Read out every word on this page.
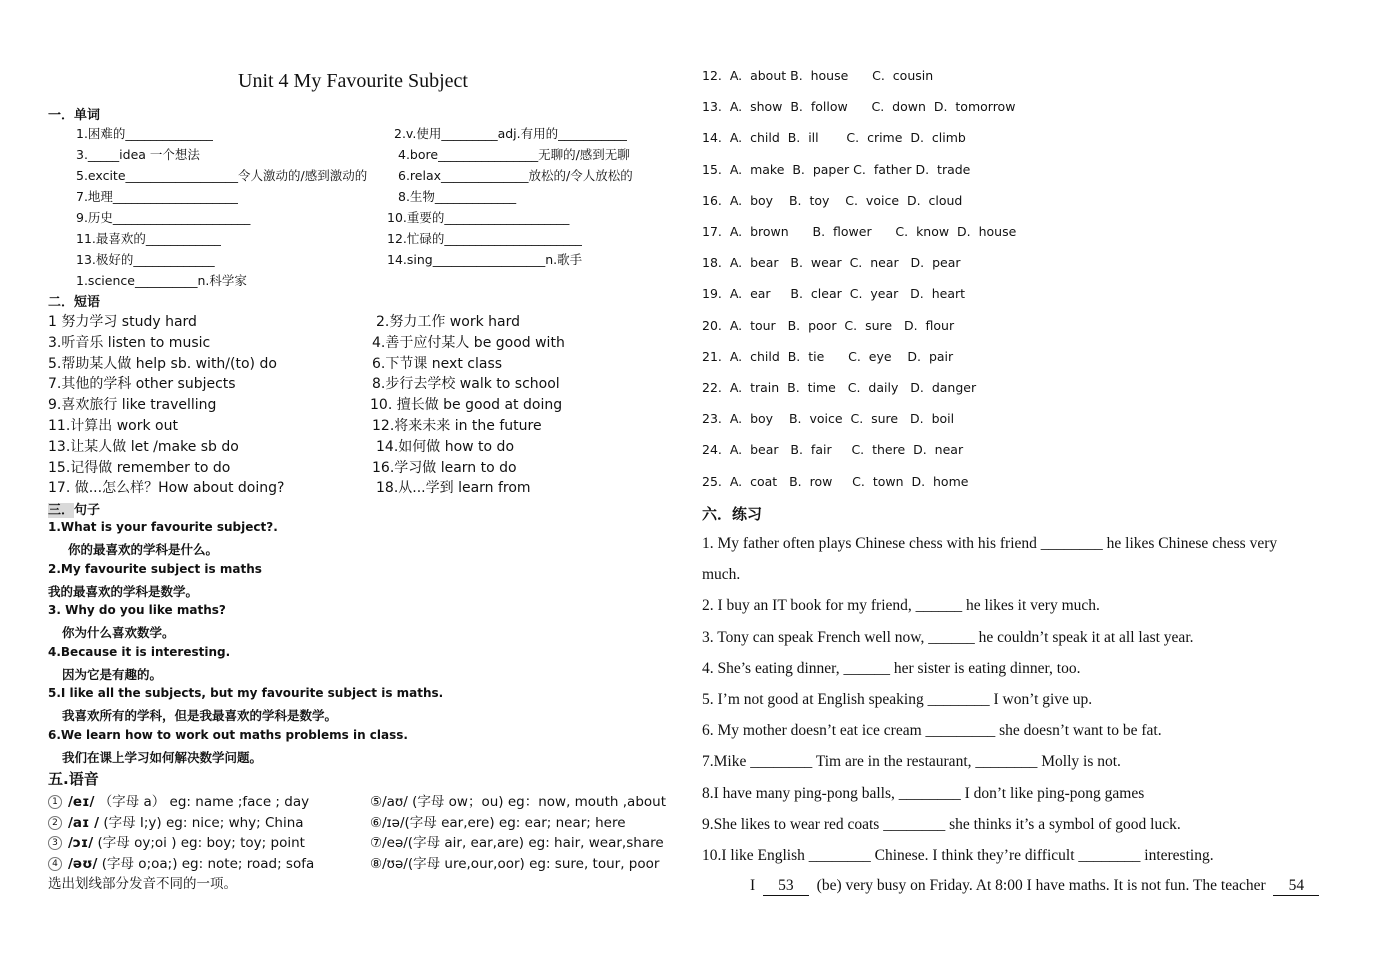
Unit 4 My Favourite Subject
一．单词
1.困难的______________	2.v.使用_________adj.有用的___________
3._____idea 一个想法	4.bore________________无聊的/感到无聊
5.excite__________________令人激动的/感到激动的 6.relax______________放松的/令人放松的
7.地理____________________	8.生物_____________
9.历史______________________	10.重要的____________________
11.最喜欢的____________	12.忙碌的______________________
13.极好的_____________	14.sing__________________n.歌手
1.science__________n.科学家
二．短语
1 努力学习 study hard	2.努力工作 work hard
3.听音乐 listen to music	4.善于应付某人 be good with
5.帮助某人做 help sb. with/(to) do	6.下节课 next class
7.其他的学科 other subjects	8.步行去学校 walk to school
9.喜欢旅行 like travelling	10. 擅长做 be good at doing
11.计算出 work out	12.将来未来 in the future
13.让某人做 let /make sb do	14.如何做 how to do
15.记得做 remember to do	16.学习做 learn to do
17. 做...怎么样？How about doing?	18.从...学到 learn from
三．句子
1.What is your favourite subject?.
你的最喜欢的学科是什么。
2.My favourite subject is maths
我的最喜欢的学科是数学。
3. Why do you like maths?
你为什么喜欢数学。
4.Because it is interesting.
因为它是有趣的。
5.I like all the subjects, but my favourite subject is maths.
我喜欢所有的学科，但是我最喜欢的学科是数学。
6.We learn how to work out maths problems in class.
我们在课上学习如何解决数学问题。
五.语音
1 /eɪ/ （字母 a） eg: name ;face ; day	⑤/aʊ/ (字母 ow；ou) eg：now, mouth ,about
2 /aɪ / (字母 I;y) eg: nice; why; China	⑥/ɪə/(字母 ear,ere) eg: ear; near; here
3 /ɔɪ/ (字母 oy;oi ) eg: boy; toy; point	⑦/eə/(字母 air, ear,are) eg: hair, wear,share
4 /əʊ/ (字母 o;oa;) eg: note; road; sofa	⑧/ʊə/(字母 ure,our,oor) eg: sure, tour, poor
选出划线部分发音不同的一项。
12.  A.  about B.  house      C.  cousin
13.  A.  show  B.  follow      C.  down  D.  tomorrow
14.  A.  child  B.  ill       C.  crime  D.  climb
15.  A.  make  B.  paper C.  father D.  trade
16.  A.  boy    B.  toy    C.  voice  D.  cloud
17.  A.  brown      B.  flower      C.  know  D.  house
18.  A.  bear   B.  wear  C.  near   D.  pear
19.  A.  ear     B.  clear  C.  year   D.  heart
20.  A.  tour   B.  poor  C.  sure   D.  flour
21.  A.  child  B.  tie      C.  eye    D.  pair
22.  A.  train  B.  time   C.  daily   D.  danger
23.  A.  boy    B.  voice  C.  sure   D.  boil
24.  A.  bear   B.  fair     C.  there  D.  near
25.  A.  coat   B.  row     C.  town  D.  home
六．练习
1. My father often plays Chinese chess with his friend ________ he likes Chinese chess very
much.
2. I buy an IT book for my friend, ______ he likes it very much.
3. Tony can speak French well now, ______ he couldn’t speak it at all last year.
4. She’s eating dinner, ______ her sister is eating dinner, too.
5. I’m not good at English speaking ________ I won’t give up.
6. My mother doesn’t eat ice cream _________ she doesn’t want to be fat.
7.Mike ________ Tim are in the restaurant, ________ Molly is not.
8.I have many ping-pong balls, ________ I don’t like ping-pong games
9.She likes to wear red coats ________ she thinks it’s a symbol of good luck.
10.I like English ________ Chinese. I think they’re difficult ________ interesting.
I 53 (be) very busy on Friday. At 8:00 I have maths. It is not fun. The teacher 54
